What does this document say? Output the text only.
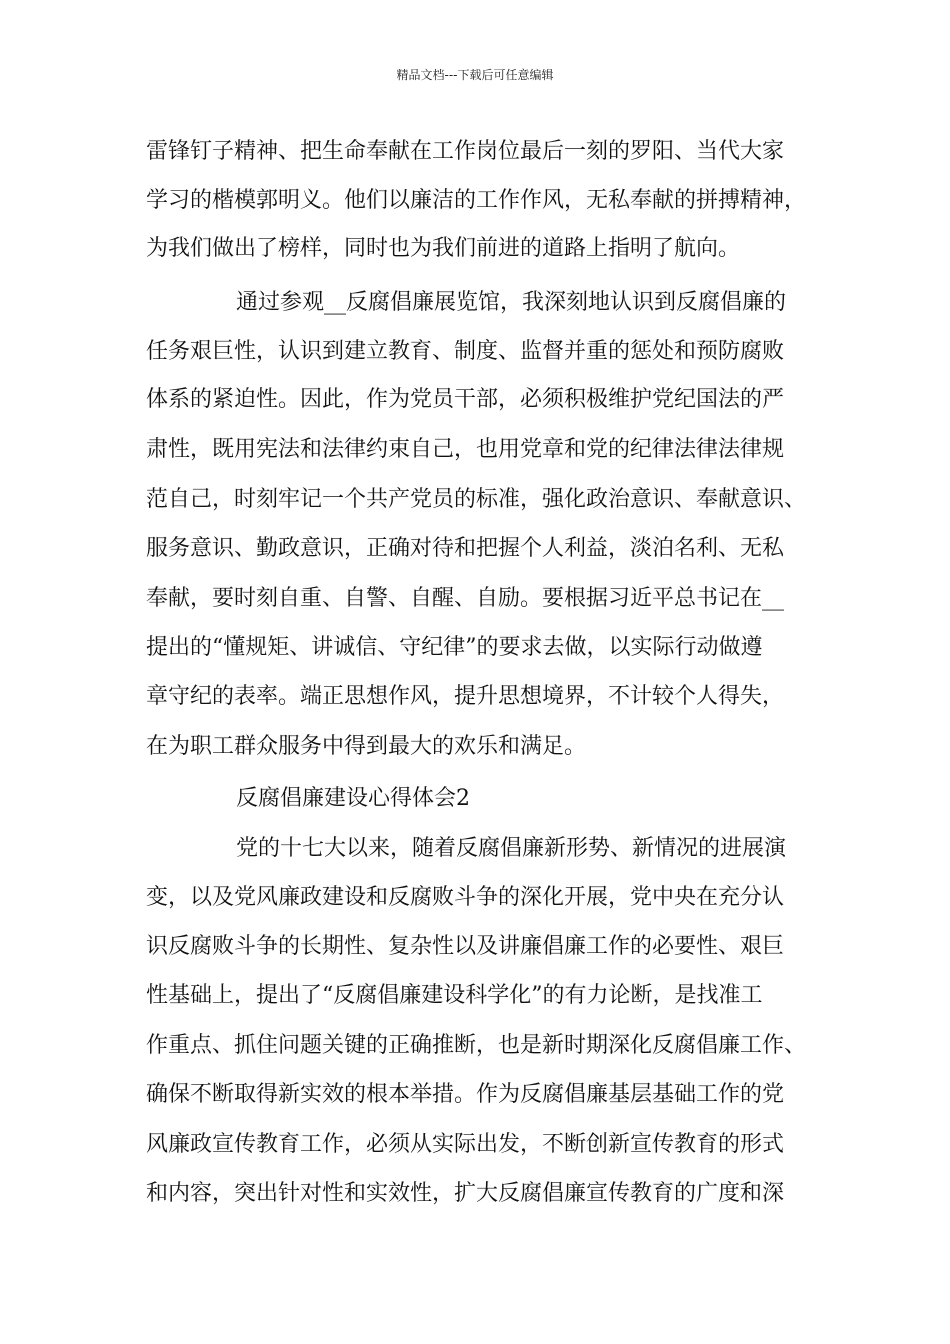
精品文档---下载后可任意编辑
雷锋钉子精神、把生命奉献在工作岗位最后一刻的罗阳、当代大家
学习的楷模郭明义。他们以廉洁的工作作风，无私奉献的拼搏精神，
为我们做出了榜样，同时也为我们前进的道路上指明了航向。
通过参观__反腐倡廉展览馆，我深刻地认识到反腐倡廉的
任务艰巨性，认识到建立教育、制度、监督并重的惩处和预防腐败
体系的紧迫性。因此，作为党员干部，必须积极维护党纪国法的严
肃性，既用宪法和法律约束自己，也用党章和党的纪律法律法律规
范自己，时刻牢记一个共产党员的标准，强化政治意识、奉献意识、
服务意识、勤政意识，正确对待和把握个人利益，淡泊名利、无私
奉献，要时刻自重、自警、自醒、自励。要根据习近平总书记在__
提出的“懂规矩、讲诚信、守纪律”的要求去做，以实际行动做遵
章守纪的表率。端正思想作风，提升思想境界，不计较个人得失，
在为职工群众服务中得到最大的欢乐和满足。
反腐倡廉建设心得体会2
党的十七大以来，随着反腐倡廉新形势、新情况的进展演
变，以及党风廉政建设和反腐败斗争的深化开展，党中央在充分认
识反腐败斗争的长期性、复杂性以及讲廉倡廉工作的必要性、艰巨
性基础上，提出了“反腐倡廉建设科学化”的有力论断，是找准工
作重点、抓住问题关键的正确推断，也是新时期深化反腐倡廉工作、
确保不断取得新实效的根本举措。作为反腐倡廉基层基础工作的党
风廉政宣传教育工作，必须从实际出发，不断创新宣传教育的形式
和内容，突出针对性和实效性，扩大反腐倡廉宣传教育的广度和深
